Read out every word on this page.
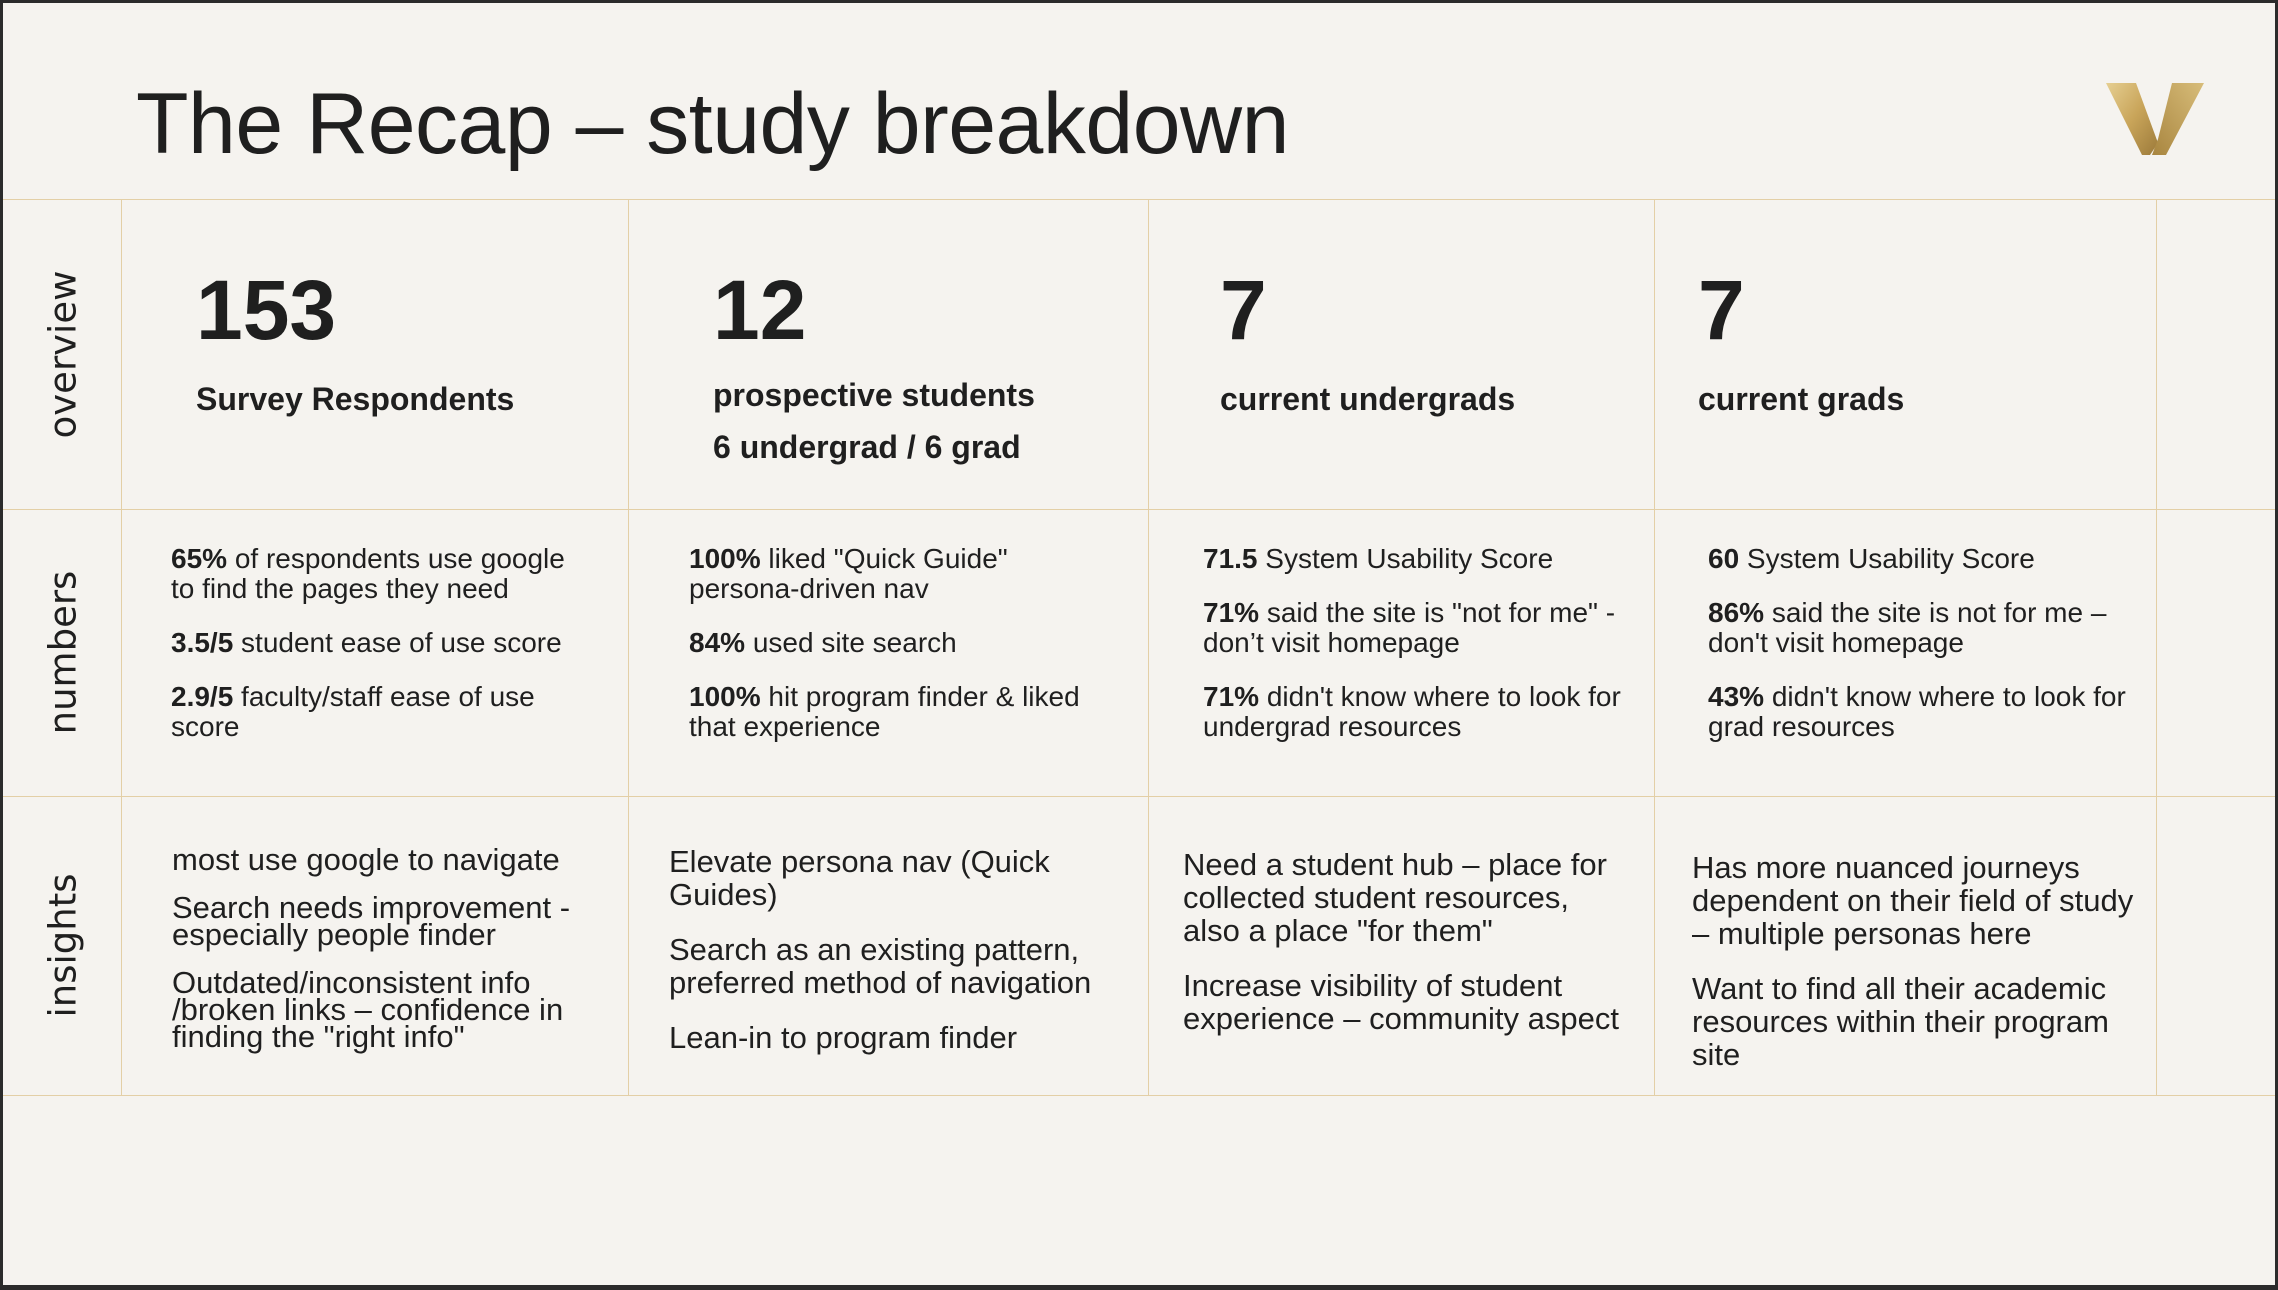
The Recap – study breakdown
overview
numbers
insights
153
Survey Respondents

65% of respondents use google to find the pages they need

3.5/5 student ease of use score

2.9/5 faculty/staff ease of use score

most use google to navigate

Search needs improvement - especially people finder

Outdated/inconsistent info /broken links – confidence in finding the "right info"

12
prospective students
6 undergrad / 6 grad

100% liked "Quick Guide" persona-driven nav

84% used site search

100% hit program finder & liked that experience

Elevate persona nav (Quick Guides)

Search as an existing pattern, preferred method of navigation

Lean-in to program finder

7
current undergrads

71.5 System Usability Score

71% said the site is "not for me" - don’t visit homepage

71% didn't know where to look for undergrad resources

Need a student hub – place for collected student resources, also a place "for them"

Increase visibility of student experience – community aspect

7
current grads

60 System Usability Score

86% said the site is not for me – don't visit homepage

43% didn't know where to look for grad resources

Has more nuanced journeys dependent on their field of study – multiple personas here

Want to find all their academic resources within their program site
